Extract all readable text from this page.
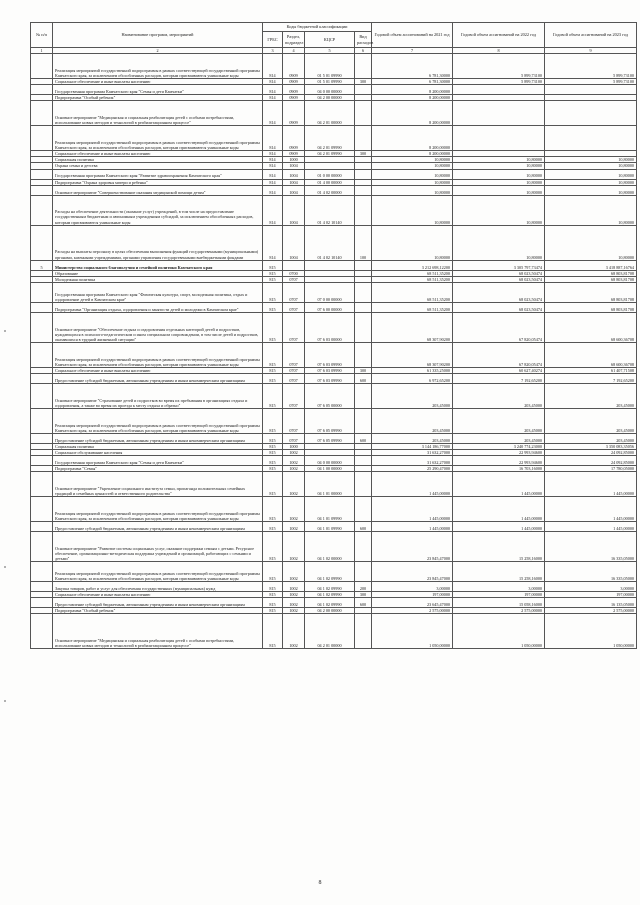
№ п/п	Наименование программ, мероприятий	Коды бюджетной классификации				Годовой объем ассигнований на 2021 год	Годовой объем ассигнований на 2022 год	Годовой объем ассигнований на 2023 год
		ГРБС	Раздел, подраздел	КЦСР	Вид расходов			
1	2	3	4	5	6	7	8	9
	Реализация мероприятий государственной подпрограммы в рамках соответствующей государственной программы Камчатского края, за исключением обособленных расходов, которым присваиваются уникальные коды	814	0909	01 5 01 09990		6 781,30000	5 899,73100	5 899,73100
	Социальное обеспечение и иные выплаты населению	814	0909	01 5 01 09990	300	6 781,30000	5 899,73100	5 899,73100
	Государственная программа Камчатского края "Семья и дети Камчатки"	814	0909	04 0 00 00000		8 200,00000		
	Подпрограмма "Особый ребенок"	814	0909	04 2 00 00000		8 200,00000		
	Основное мероприятие "Медицинская и социальная реабилитация детей с особыми потребностями, использование новых методов и технологий в реабилитационном процессе"	814	0909	04 2 01 00000		8 200,00000		
	Реализация мероприятий государственной подпрограммы в рамках соответствующей государственной программы Камчатского края, за исключением обособленных расходов, которым присваиваются уникальные коды	814	0909	04 2 01 09990		8 200,00000		
	Социальное обеспечение и иные выплаты населению	814	0909	04 2 01 09990	300	8 200,00000		
	Социальная политика	814	1000			10,80000	10,80000	10,80000
	Охрана семьи и детства	814	1004			10,80000	10,80000	10,80000
	Государственная программа Камчатского края "Развитие здравоохранения Камчатского края"	814	1004	01 0 00 00000		10,80000	10,80000	10,80000
	Подпрограмма "Охрана здоровья матери и ребенка"	814	1004	01 4 00 00000		10,80000	10,80000	10,80000
	Основное мероприятие "Совершенствование оказания медицинской помощи детям"	814	1004	01 4 02 00000		10,80000	10,80000	10,80000
	Расходы на обеспечение деятельности (оказание услуг) учреждений, в том числе на предоставление государственным бюджетным и автономным учреждениям субсидий, за исключением обособленных расходов, которым присваиваются уникальные коды	814	1004	01 4 02 10140		10,80000	10,80000	10,80000
	Расходы на выплаты персоналу в целях обеспечения выполнения функций государственными (муниципальными) органами, казенными учреждениями, органами управления государственными внебюджетными фондами	814	1004	01 4 02 10140	100	10,80000	10,80000	10,80000
5	Министерство социального благополучия и семейной политики Камчатского края	815				3 212 698,12200	3 305 797,73474	3 418 887,16764
	Образование	815	0700			68 511,35200	68 023,50474	68 803,81708
	Молодежная политика	815	0707			68 511,35200	68 023,50474	68 803,81708
	Государственная программа Камчатского края "Физическая культура, спорт, молодежная политика, отдых и оздоровление детей в Камчатском крае"	815	0707	07 0 00 00000		68 511,35200	68 023,50474	68 803,81708
	Подпрограмма "Организация отдыха, оздоровления и занятости детей и молодежи в Камчатском крае"	815	0707	07 6 00 00000		68 511,35200	68 023,50474	68 803,81708
	Основное мероприятие "Обеспечение отдыха и оздоровления отдельных категорий детей и подростков, нуждающихся в психолого-педагогическом и ином специальном сопровождении, в том числе детей и подростков, оказавшихся в трудной жизненной ситуации"	815	0707	07 6 03 00000		68 307,90200	67 820,05474	68 600,36708
	Реализация мероприятий государственной подпрограммы в рамках соответствующей государственной программы Камчатского края, за исключением обособленных расходов, которым присваиваются уникальные коды	815	0707	07 6 03 09990		68 307,90200	67 820,05474	68 600,36708
	Социальное обеспечение и иные выплаты населению	815	0707	07 6 03 09990	300	61 335,25000	60 627,40274	61 407,71508
	Предоставление субсидий бюджетным, автономным учреждениям и иным некоммерческим организациям	815	0707	07 6 03 09990	600	6 972,65200	7 192,65200	7 192,65200
	Основное мероприятие "Страхование детей и подростков во время их пребывания в организациях отдыха и оздоровления, а также во время их проезда к месту отдыха и обратно"	815	0707	07 6 05 00000		203,45000	203,45000	203,45000
	Реализация мероприятий государственной подпрограммы в рамках соответствующей государственной программы Камчатского края, за исключением обособленных расходов, которым присваиваются уникальные коды	815	0707	07 6 05 09990		203,45000	203,45000	203,45000
	Предоставление субсидий бюджетным, автономным учреждениям и иным некоммерческим организациям	815	0707	07 6 05 09990	600	203,45000	203,45000	203,45000
	Социальная политика	815	1000			3 144 186,77000	3 240 774,23000	3 350 083,35056
	Социальное обслуживание населения	815	1002			31 632,27000	22 993,94600	24 092,85000
	Государственная программа Камчатского края "Семья и дети Камчатки"	815	1002	04 0 00 00000		31 632,27000	22 993,94600	24 092,85000
	Подпрограмма "Семья"	815	1002	04 1 00 00000		25 290,47000	16 703,16000	17 780,05000
	Основное мероприятие "Укрепление социального института семьи, пропаганда положительных семейных традиций и семейных ценностей и ответственного родительства"	815	1002	04 1 01 00000		1 445,00000	1 445,00000	1 445,00000
	Реализация мероприятий государственной подпрограммы в рамках соответствующей государственной программы Камчатского края, за исключением обособленных расходов, которым присваиваются уникальные коды	815	1002	04 1 01 09990		1 445,00000	1 445,00000	1 445,00000
	Предоставление субсидий бюджетным, автономным учреждениям и иным некоммерческим организациям	815	1002	04 1 01 09990	600	1 445,00000	1 445,00000	1 445,00000
	Основное мероприятие "Развитие системы социальных услуг, оказание поддержки семьям с детьми. Ресурсное обеспечение, организационно-методическая поддержка учреждений и организаций, работающих с семьями и детьми"	815	1002	04 1 02 00000		23 845,47000	15 258,16000	16 335,05000
	Реализация мероприятий государственной подпрограммы в рамках соответствующей государственной программы Камчатского края, за исключением обособленных расходов, которым присваиваются уникальные коды	815	1002	04 1 02 09990		23 845,47000	15 258,16000	16 335,05000
	Закупка товаров, работ и услуг для обеспечения государственных (муниципальных) нужд	815	1002	04 1 02 09990	200	3,00000	3,00000	3,00000
	Социальное обеспечение и иные выплаты населению	815	1002	04 1 02 09990	300	197,00000	197,00000	197,00000
	Предоставление субсидий бюджетным, автономным учреждениям и иным некоммерческим организациям	815	1002	04 1 02 09990	600	23 645,47000	15 058,16000	16 135,05000
	Подпрограмма "Особый ребенок"	815	1002	04 2 00 00000		2 575,00000	2 575,00000	2 575,00000
	Основное мероприятие "Медицинская и социальная реабилитация детей с особыми потребностями, использование новых методов и технологий в реабилитационном процессе"	815	1002	04 2 01 00000		1 050,00000	1 050,00000	1 050,00000
8
